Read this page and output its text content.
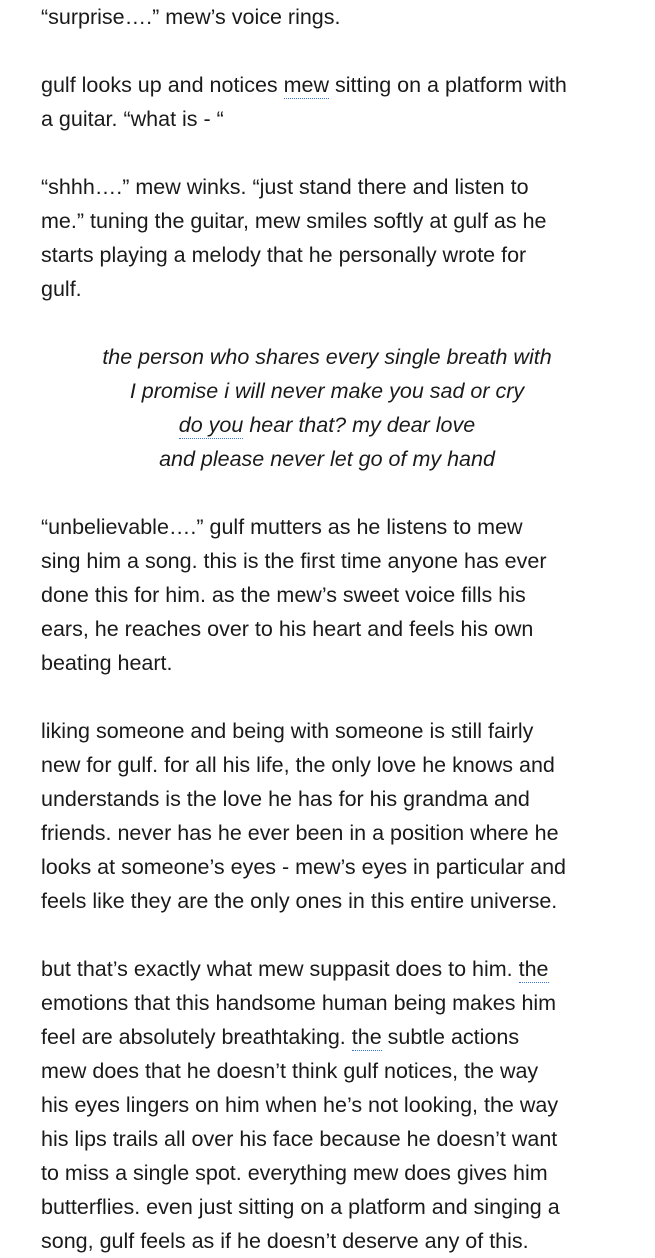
“surprise….” mew’s voice rings.

gulf looks up and notices mew sitting on a platform with
a guitar. “what is - “

“shhh….” mew winks. “just stand there and listen to
me.” tuning the guitar, mew smiles softly at gulf as he
starts playing a melody that he personally wrote for
gulf.

the person who shares every single breath with
I promise i will never make you sad or cry
do you hear that? my dear love
and please never let go of my hand

“unbelievable….” gulf mutters as he listens to mew
sing him a song. this is the first time anyone has ever
done this for him. as the mew’s sweet voice fills his
ears, he reaches over to his heart and feels his own
beating heart.

liking someone and being with someone is still fairly
new for gulf. for all his life, the only love he knows and
understands is the love he has for his grandma and
friends. never has he ever been in a position where he
looks at someone’s eyes - mew’s eyes in particular and
feels like they are the only ones in this entire universe.

but that’s exactly what mew suppasit does to him. the
emotions that this handsome human being makes him
feel are absolutely breathtaking. the subtle actions
mew does that he doesn’t think gulf notices, the way
his eyes lingers on him when he’s not looking, the way
his lips trails all over his face because he doesn’t want
to miss a single spot. everything mew does gives him
butterflies. even just sitting on a platform and singing a
song, gulf feels as if he doesn’t deserve any of this.
